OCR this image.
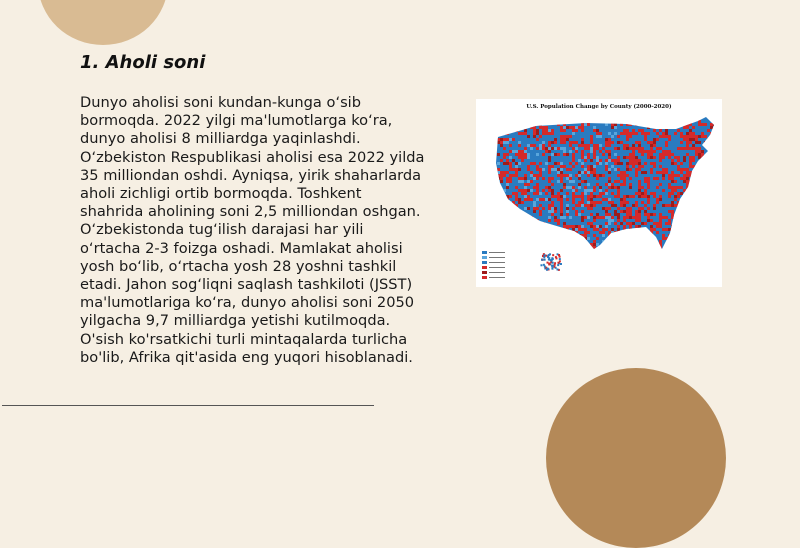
1. Aholi soni

Dunyo aholisi soni kundan-kunga o‘sib bormoqda. 2022 yilgi ma'lumotlarga ko‘ra, dunyo aholisi 8 milliardga yaqinlashdi. O‘zbekiston Respublikasi aholisi esa 2022 yilda 35 milliondan oshdi. Ayniqsa, yirik shaharlarda aholi zichligi ortib bormoqda. Toshkent shahrida aholining soni 2,5 milliondan oshgan. O‘zbekistonda tug‘ilish darajasi har yili o‘rtacha 2-3 foizga oshadi. Mamlakat aholisi yosh bo‘lib, o‘rtacha yosh 28 yoshni tashkil etadi. Jahon sog‘liqni saqlash tashkiloti (JSST) ma'lumotlariga ko‘ra, dunyo aholisi soni 2050 yilgacha 9,7 milliardga yetishi kutilmoqda. O'sish ko'rsatkichi turli mintaqalarda turlicha bo'lib, Afrika qit'asida eng yuqori hisoblanadi.

U.S. Population Change by County (2000-2020)
